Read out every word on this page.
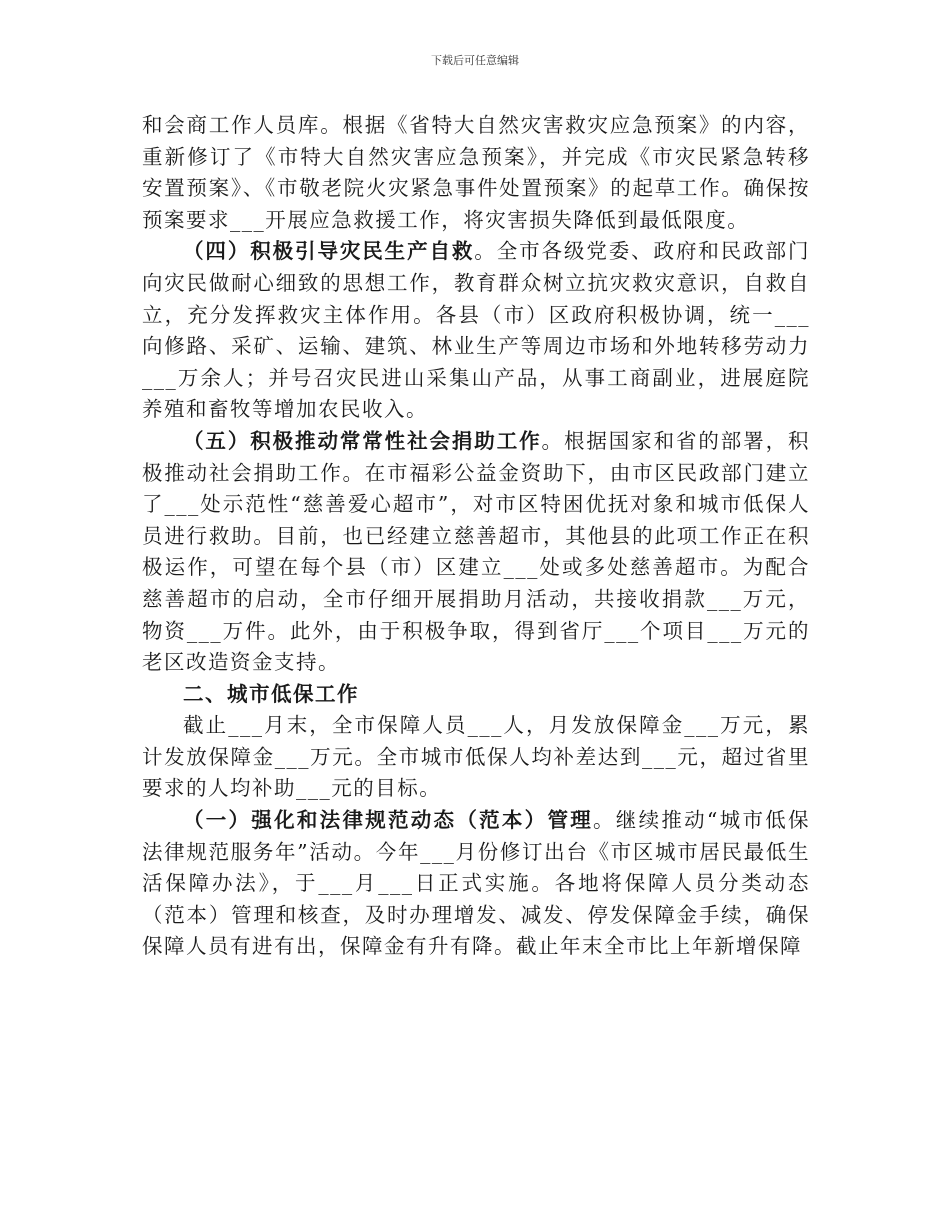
下载后可任意编辑

和会商工作人员库。根据《省特大自然灾害救灾应急预案》的内容，重新修订了《市特大自然灾害应急预案》，并完成《市灾民紧急转移安置预案》、《市敬老院火灾紧急事件处置预案》的起草工作。确保按预案要求___开展应急救援工作，将灾害损失降低到最低限度。

（四）积极引导灾民生产自救。全市各级党委、政府和民政部门向灾民做耐心细致的思想工作，教育群众树立抗灾救灾意识，自救自立，充分发挥救灾主体作用。各县（市）区政府积极协调，统一___向修路、采矿、运输、建筑、林业生产等周边市场和外地转移劳动力___万余人；并号召灾民进山采集山产品，从事工商副业，进展庭院养殖和畜牧等增加农民收入。

（五）积极推动常常性社会捐助工作。根据国家和省的部署，积极推动社会捐助工作。在市福彩公益金资助下，由市区民政部门建立了___处示范性“慈善爱心超市”，对市区特困优抚对象和城市低保人员进行救助。目前，也已经建立慈善超市，其他县的此项工作正在积极运作，可望在每个县（市）区建立___处或多处慈善超市。为配合慈善超市的启动，全市仔细开展捐助月活动，共接收捐款___万元，物资___万件。此外，由于积极争取，得到省厅___个项目___万元的老区改造资金支持。

二、城市低保工作

截止___月末，全市保障人员___人，月发放保障金___万元，累计发放保障金___万元。全市城市低保人均补差达到___元，超过省里要求的人均补助___元的目标。

（一）强化和法律规范动态（范本）管理。继续推动“城市低保法律规范服务年”活动。今年___月份修订出台《市区城市居民最低生活保障办法》，于___月___日正式实施。各地将保障人员分类动态（范本）管理和核查，及时办理增发、减发、停发保障金手续，确保保障人员有进有出，保障金有升有降。截止年末全市比上年新增保障
